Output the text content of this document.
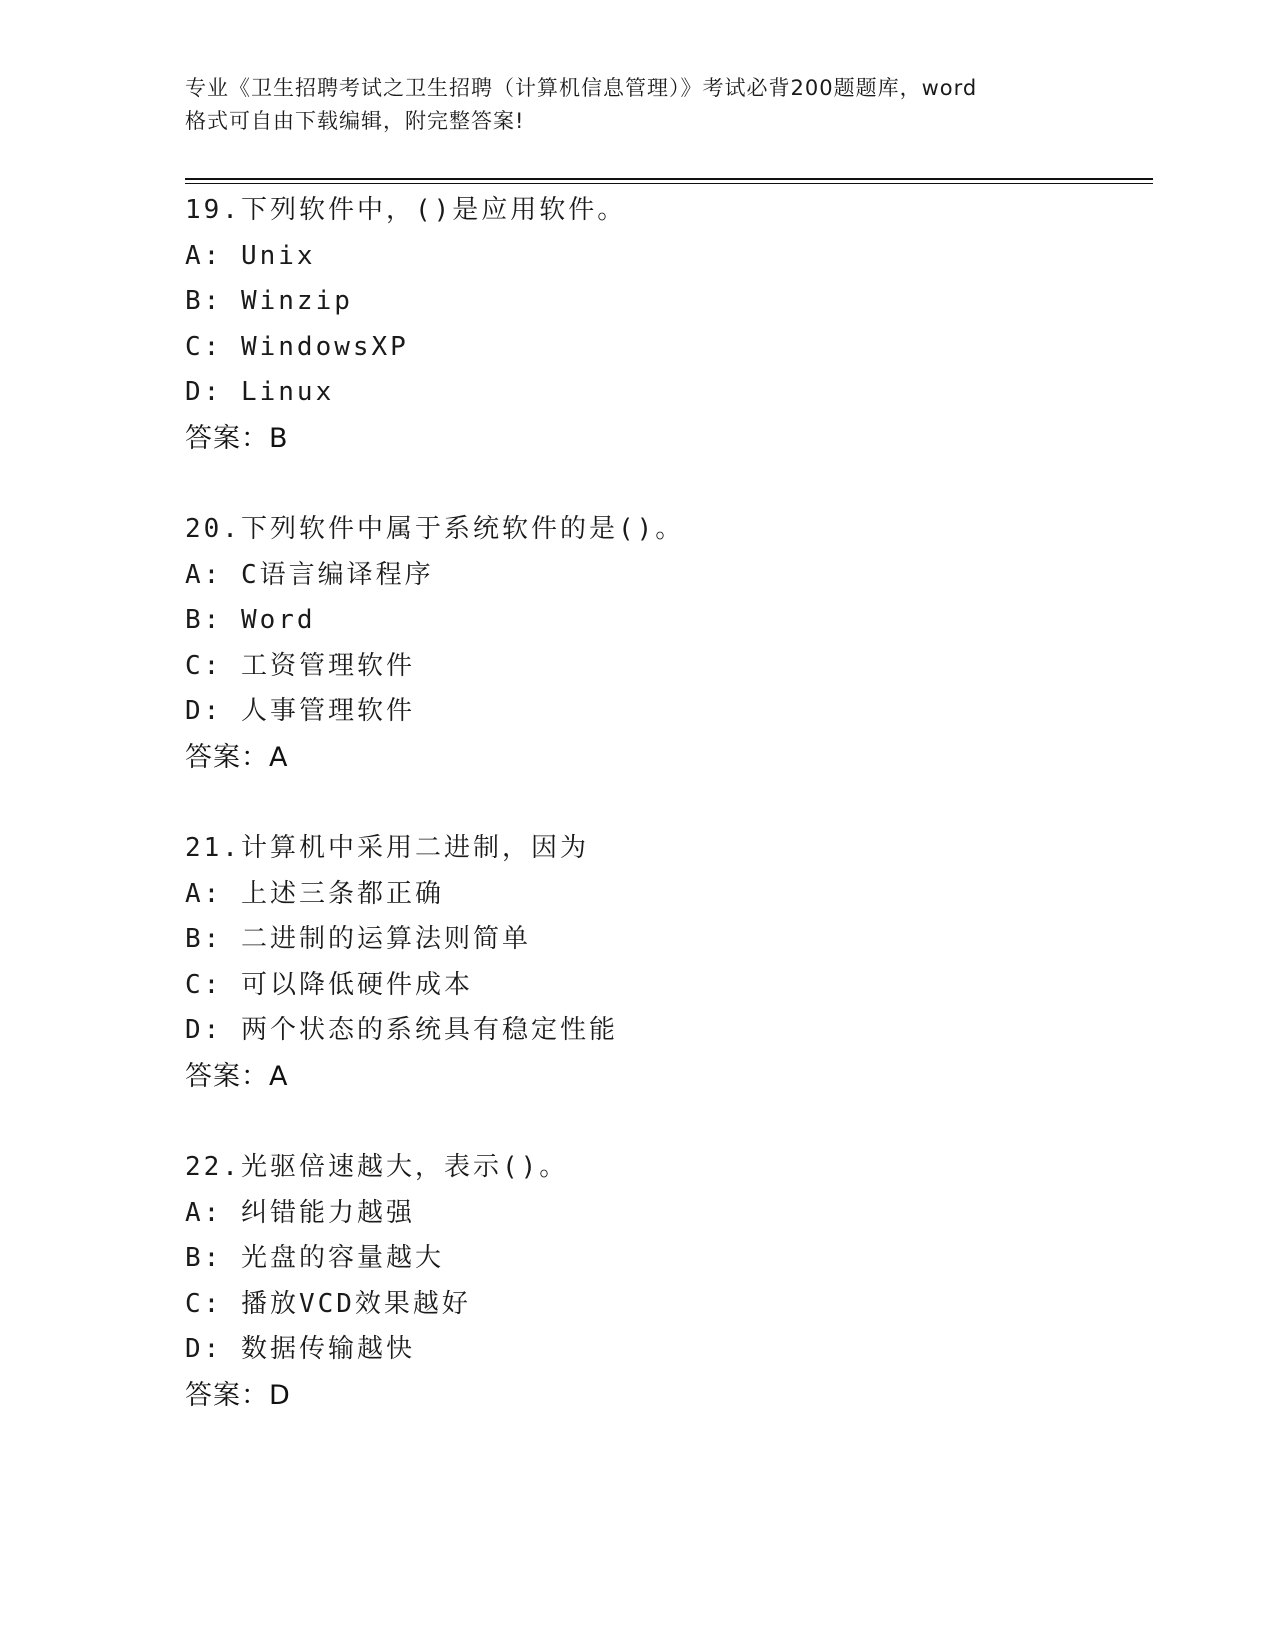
专业《卫生招聘考试之卫生招聘（计算机信息管理）》考试必背200题题库，word
格式可自由下载编辑，附完整答案!
19.下列软件中，()是应用软件。
A: Unix
B: Winzip
C: WindowsXP
D: Linux
答案：B
20.下列软件中属于系统软件的是()。
A: C语言编译程序
B: Word
C: 工资管理软件
D: 人事管理软件
答案：A
21.计算机中采用二进制，因为
A: 上述三条都正确
B: 二进制的运算法则简单
C: 可以降低硬件成本
D: 两个状态的系统具有稳定性能
答案：A
22.光驱倍速越大，表示()。
A: 纠错能力越强
B: 光盘的容量越大
C: 播放VCD效果越好
D: 数据传输越快
答案：D
